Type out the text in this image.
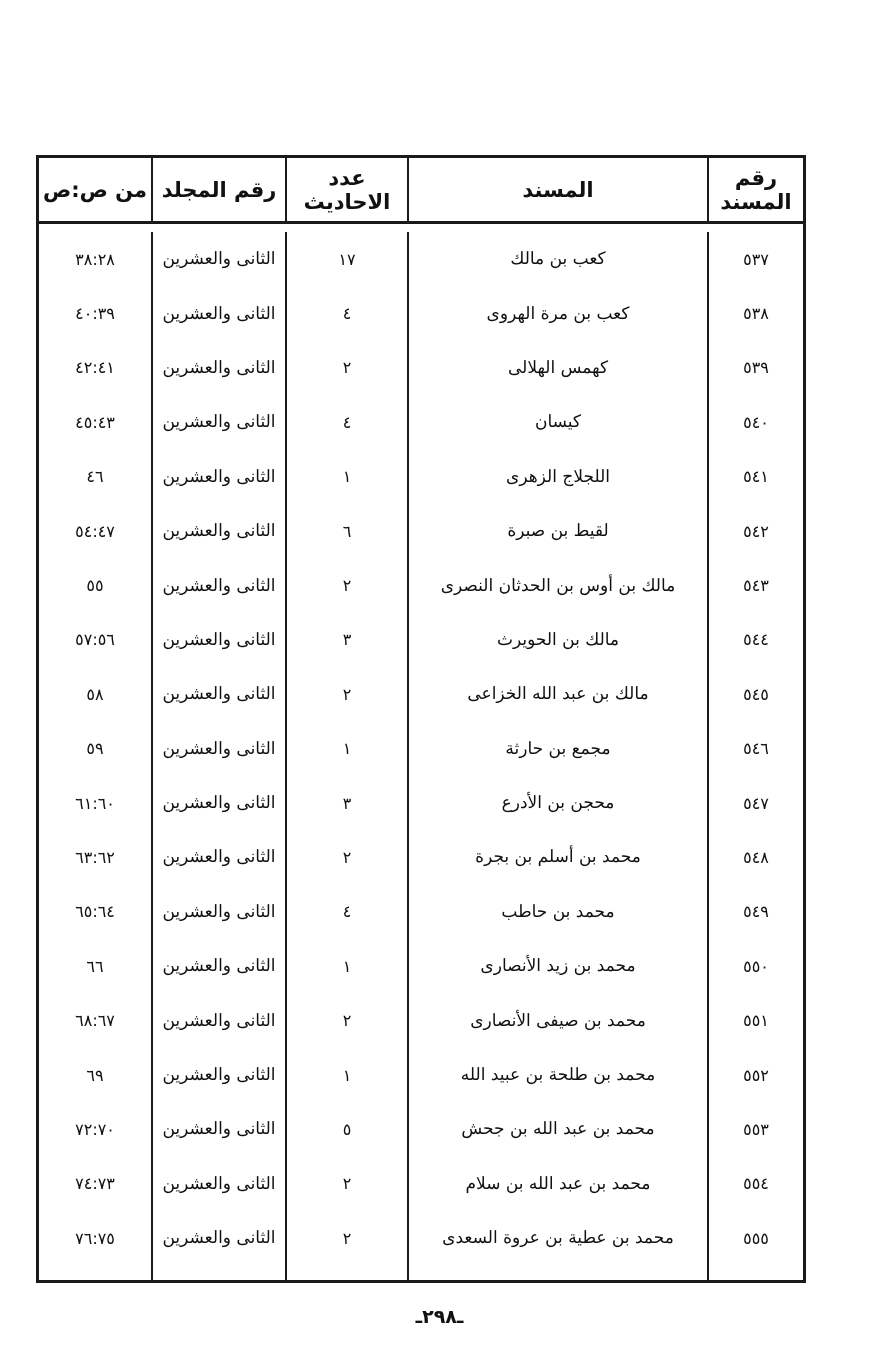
رقم المسند
المسند
عدد الاحاديث
رقم المجلد
من ص:ص
٥٣٧
٥٣٨
٥٣٩
٥٤٠
٥٤١
٥٤٢
٥٤٣
٥٤٤
٥٤٥
٥٤٦
٥٤٧
٥٤٨
٥٤٩
٥٥٠
٥٥١
٥٥٢
٥٥٣
٥٥٤
٥٥٥
كعب بن مالك
كعب بن مرة الهروى
كهمس الهلالى
كيسان
اللجلاج الزهرى
لقيط بن صبرة
مالك بن أوس بن الحدثان النصرى
مالك بن الحويرث
مالك بن عبد الله الخزاعى
مجمع بن حارثة
محجن بن الأدرع
محمد بن أسلم بن بجرة
محمد بن حاطب
محمد بن زيد الأنصارى
محمد بن صيفى الأنصارى
محمد بن طلحة بن عبيد الله
محمد بن عبد الله بن جحش
محمد بن عبد الله بن سلام
محمد بن عطية بن عروة السعدى
١٧
٤
٢
٤
١
٦
٢
٣
٢
١
٣
٢
٤
١
٢
١
٥
٢
٢
الثانى والعشرين
الثانى والعشرين
الثانى والعشرين
الثانى والعشرين
الثانى والعشرين
الثانى والعشرين
الثانى والعشرين
الثانى والعشرين
الثانى والعشرين
الثانى والعشرين
الثانى والعشرين
الثانى والعشرين
الثانى والعشرين
الثانى والعشرين
الثانى والعشرين
الثانى والعشرين
الثانى والعشرين
الثانى والعشرين
الثانى والعشرين
٣٨:٢٨
٤٠:٣٩
٤٢:٤١
٤٥:٤٣
٤٦
٥٤:٤٧
٥٥
٥٧:٥٦
٥٨
٥٩
٦١:٦٠
٦٣:٦٢
٦٥:٦٤
٦٦
٦٨:٦٧
٦٩
٧٢:٧٠
٧٤:٧٣
٧٦:٧٥
ـ٢٩٨ـ
